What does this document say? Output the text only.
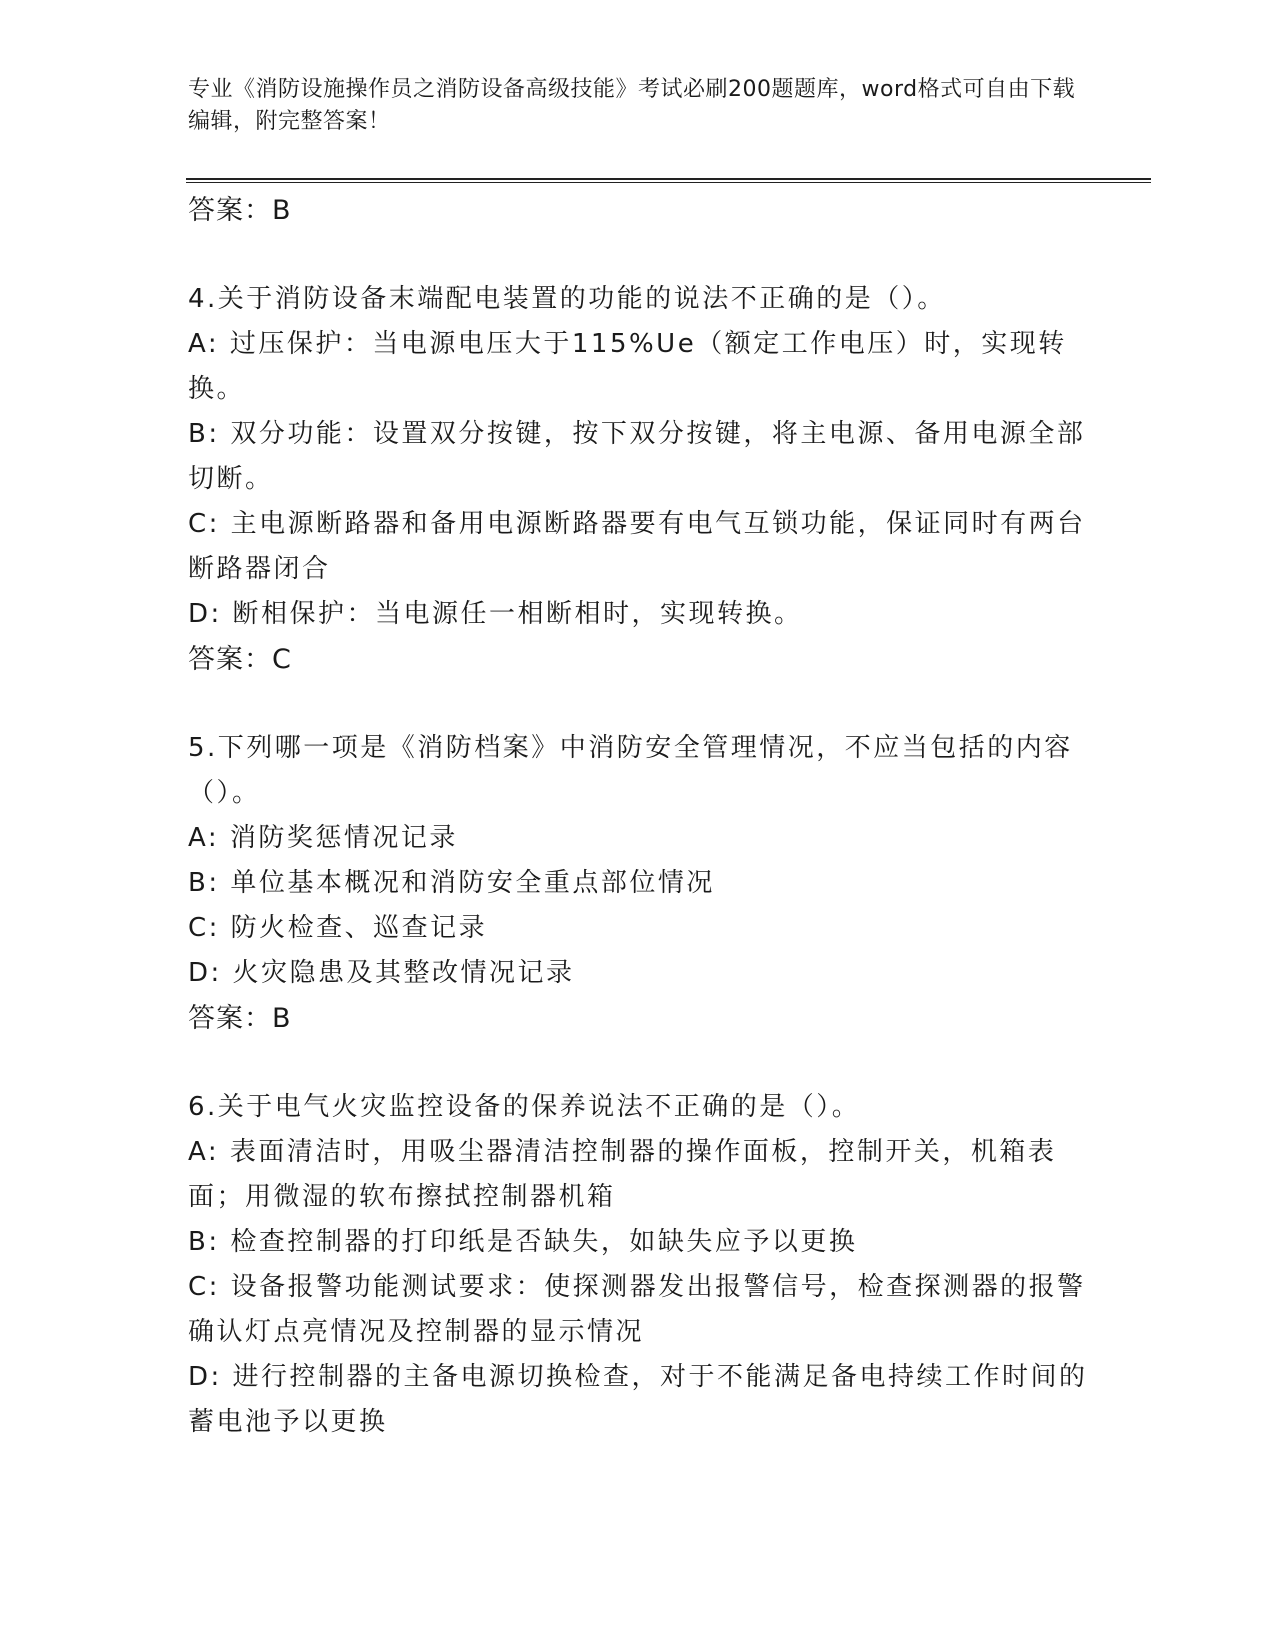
专业《消防设施操作员之消防设备高级技能》考试必刷200题题库，word格式可自由下载编辑，附完整答案！

答案：B

4.关于消防设备末端配电装置的功能的说法不正确的是（）。

A: 过压保护：当电源电压大于115%Ue（额定工作电压）时，实现转换。

B: 双分功能：设置双分按键，按下双分按键，将主电源、备用电源全部切断。

C: 主电源断路器和备用电源断路器要有电气互锁功能，保证同时有两台断路器闭合

D: 断相保护：当电源任一相断相时，实现转换。

答案：C

5.下列哪一项是《消防档案》中消防安全管理情况，不应当包括的内容（）。

A: 消防奖惩情况记录

B: 单位基本概况和消防安全重点部位情况

C: 防火检查、巡查记录

D: 火灾隐患及其整改情况记录

答案：B

6.关于电气火灾监控设备的保养说法不正确的是（）。

A: 表面清洁时，用吸尘器清洁控制器的操作面板，控制开关，机箱表面；用微湿的软布擦拭控制器机箱

B: 检查控制器的打印纸是否缺失，如缺失应予以更换

C: 设备报警功能测试要求：使探测器发出报警信号，检查探测器的报警确认灯点亮情况及控制器的显示情况

D: 进行控制器的主备电源切换检查，对于不能满足备电持续工作时间的蓄电池予以更换
